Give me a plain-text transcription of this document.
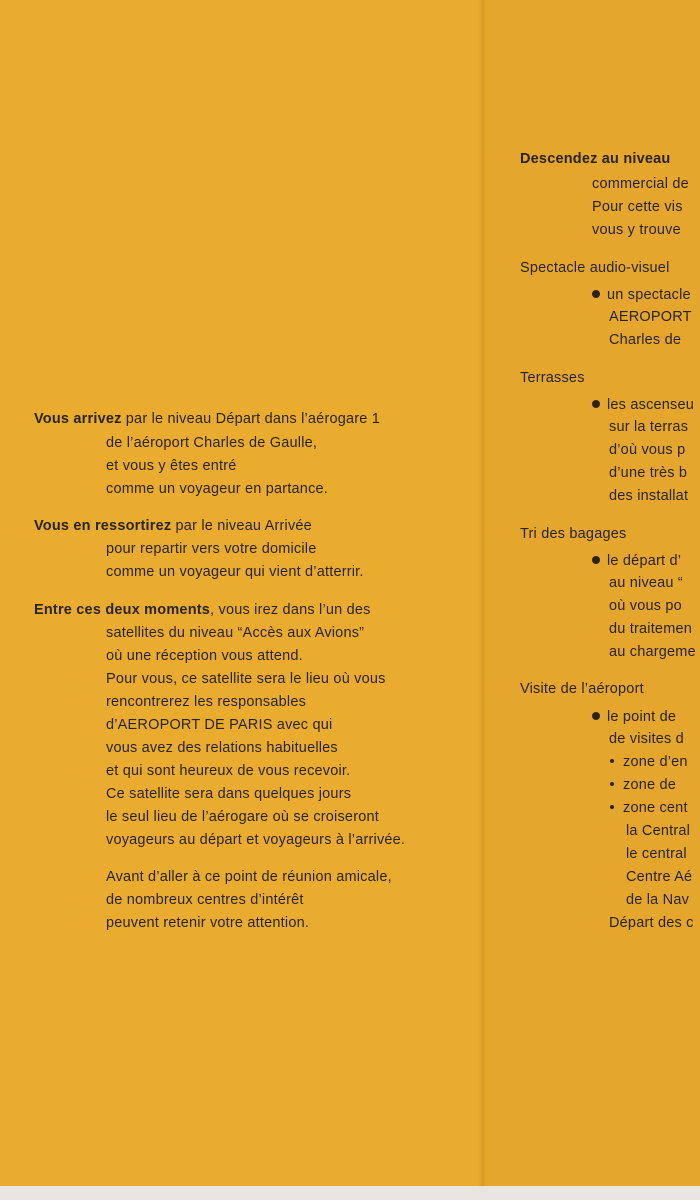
Vous arrivez par le niveau Départ dans l’aérogare 1
de l’aéroport Charles de Gaulle,
et vous y êtes entré
comme un voyageur en partance.
Vous en ressortirez par le niveau Arrivée
pour repartir vers votre domicile
comme un voyageur qui vient d’atterrir.
Entre ces deux moments, vous irez dans l’un des
satellites du niveau “Accès aux Avions”
où une réception vous attend.
Pour vous, ce satellite sera le lieu où vous
rencontrerez les responsables
d’AEROPORT DE PARIS avec qui
vous avez des relations habituelles
et qui sont heureux de vous recevoir.
Ce satellite sera dans quelques jours
le seul lieu de l’aérogare où se croiseront
voyageurs au départ et voyageurs à l’arrivée.
Avant d’aller à ce point de réunion amicale,
de nombreux centres d’intérêt
peuvent retenir votre attention.
Descendez au niveau
commercial de
Pour cette vis
vous y trouve
Spectacle audio-visuel
un spectacle
AEROPORT
Charles de
Terrasses
les ascenseu
sur la terras
d’où vous p
d’une très b
des installat
Tri des bagages
le départ d’
au niveau “
où vous po
du traitemen
au chargeme
Visite de l’aéroport
le point de
de visites d
zone d’en
zone de
zone cent
la Central
le central
Centre Aé
de la Nav
Départ des c
